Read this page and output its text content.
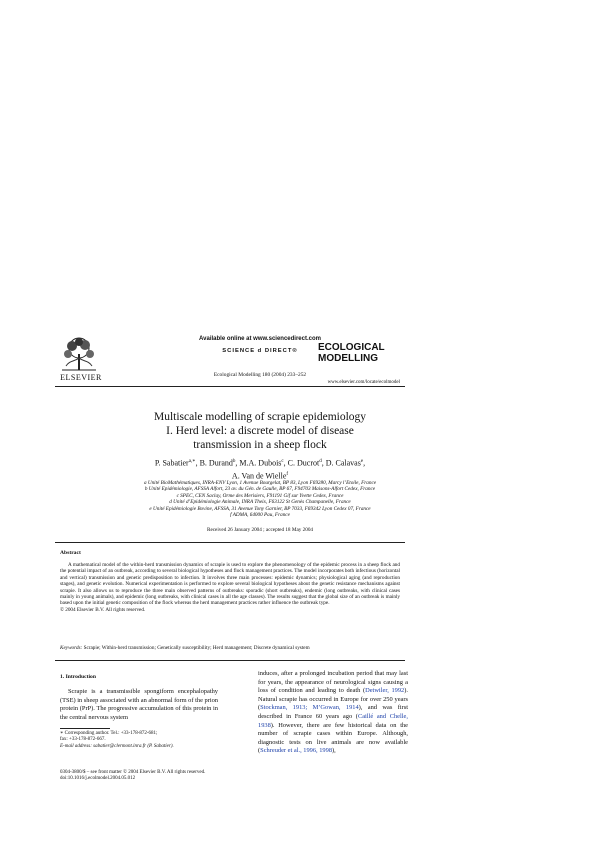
ELSEVIER
Available online at www.sciencedirect.com
SCIENCE d DIRECT®
Ecological Modelling 180 (2004) 233–252
ECOLOGICAL
MODELLING
www.elsevier.com/locate/ecolmodel
Multiscale modelling of scrapie epidemiology
I. Herd level: a discrete model of disease
transmission in a sheep flock
P. Sabatier$^{a,∗}$, B. Durand$^b$, M.A. Dubois$^c$, C. Ducrot$^d$, D. Calavas$^e$,
A. Van de Wielle$^f$
a Unité BioMathématiques, INRA-ENV Lyon, 1 Avenue Bourgelat, BP 83, Lyon F69280, Marcy l’Etoile, France
b Unité Epidémiologie, AFSSA Alfort, 23 av. du Gén. de Gaulle, BP 67, F94703 Maisons-Alfort Cedex, France
c SPEC, CEN Saclay, Orme des Merisiers, F91191 Gif sur Yvette Cedex, France
d Unité d’Epidémiologie Animale, INRA Theix, F63122 St Genès Champanelle, France
e Unité Epidémiologie Bovine, AFSSA, 31 Avenue Tony Garnier, BP 7033, F69342 Lyon Cedex 07, France
f ADMA, 64000 Pau, France
Received 26 January 2004 ; accepted 18 May 2004
Abstract

A mathematical model of the within-herd transmission dynamics of scrapie is used to explore the phenomenology of the epidemic process in a sheep flock and the potential impact of an outbreak, according to several biological hypotheses and flock management practices. The model incorporates both infectious (horizontal and vertical) transmission and genetic predisposition to infection. It involves three main processes: epidemic dynamics; physiological aging (and reproduction stages), and genetic evolution. Numerical experimentation is performed to explore several biological hypotheses about the genetic resistance mechanisms against scrapie. It also allows us to reproduce the three main observed patterns of outbreaks: sporadic (short outbreaks), endemic (long outbreaks, with clinical cases mainly in young animals), and epidemic (long outbreaks, with clinical cases in all the age classes). The results suggest that the global size of an outbreak is mainly based upon the initial genetic composition of the flock whereas the herd management practices rather influence the outbreak type.

© 2004 Elsevier B.V. All rights reserved.
Keywords: Scrapie; Within-herd transmission; Genetically susceptibility; Herd management; Discrete dynamical system
1. Introduction
Scrapie is a transmissible spongiform encephalopathy (TSE) in sheep associated with an abnormal form of the prion protein (PrP). The progressive accumulation of this protein in the central nervous system
induces, after a prolonged incubation period that may last for years, the appearance of neurological signs causing a loss of condition and leading to death (Detwiler, 1992). Natural scrapie has occurred in Europe for over 250 years (Stockman, 1913; M’Gowan, 1914), and was first described in France 60 years ago (Caillé and Chelle, 1938). However, there are few historical data on the number of scrapie cases within Europe. Although, diagnostic tests on live animals are now available (Schreuder et al., 1996, 1998),
∗ Corresponding author. Tel.: +33-178-872-681;
fax: +33-178-872-667.
E-mail address: sabatier@clermont.inra.fr (P. Sabatier).
0304-3800/$ – see front matter © 2004 Elsevier B.V. All rights reserved.
doi:10.1016/j.ecolmodel.2004.05.012
